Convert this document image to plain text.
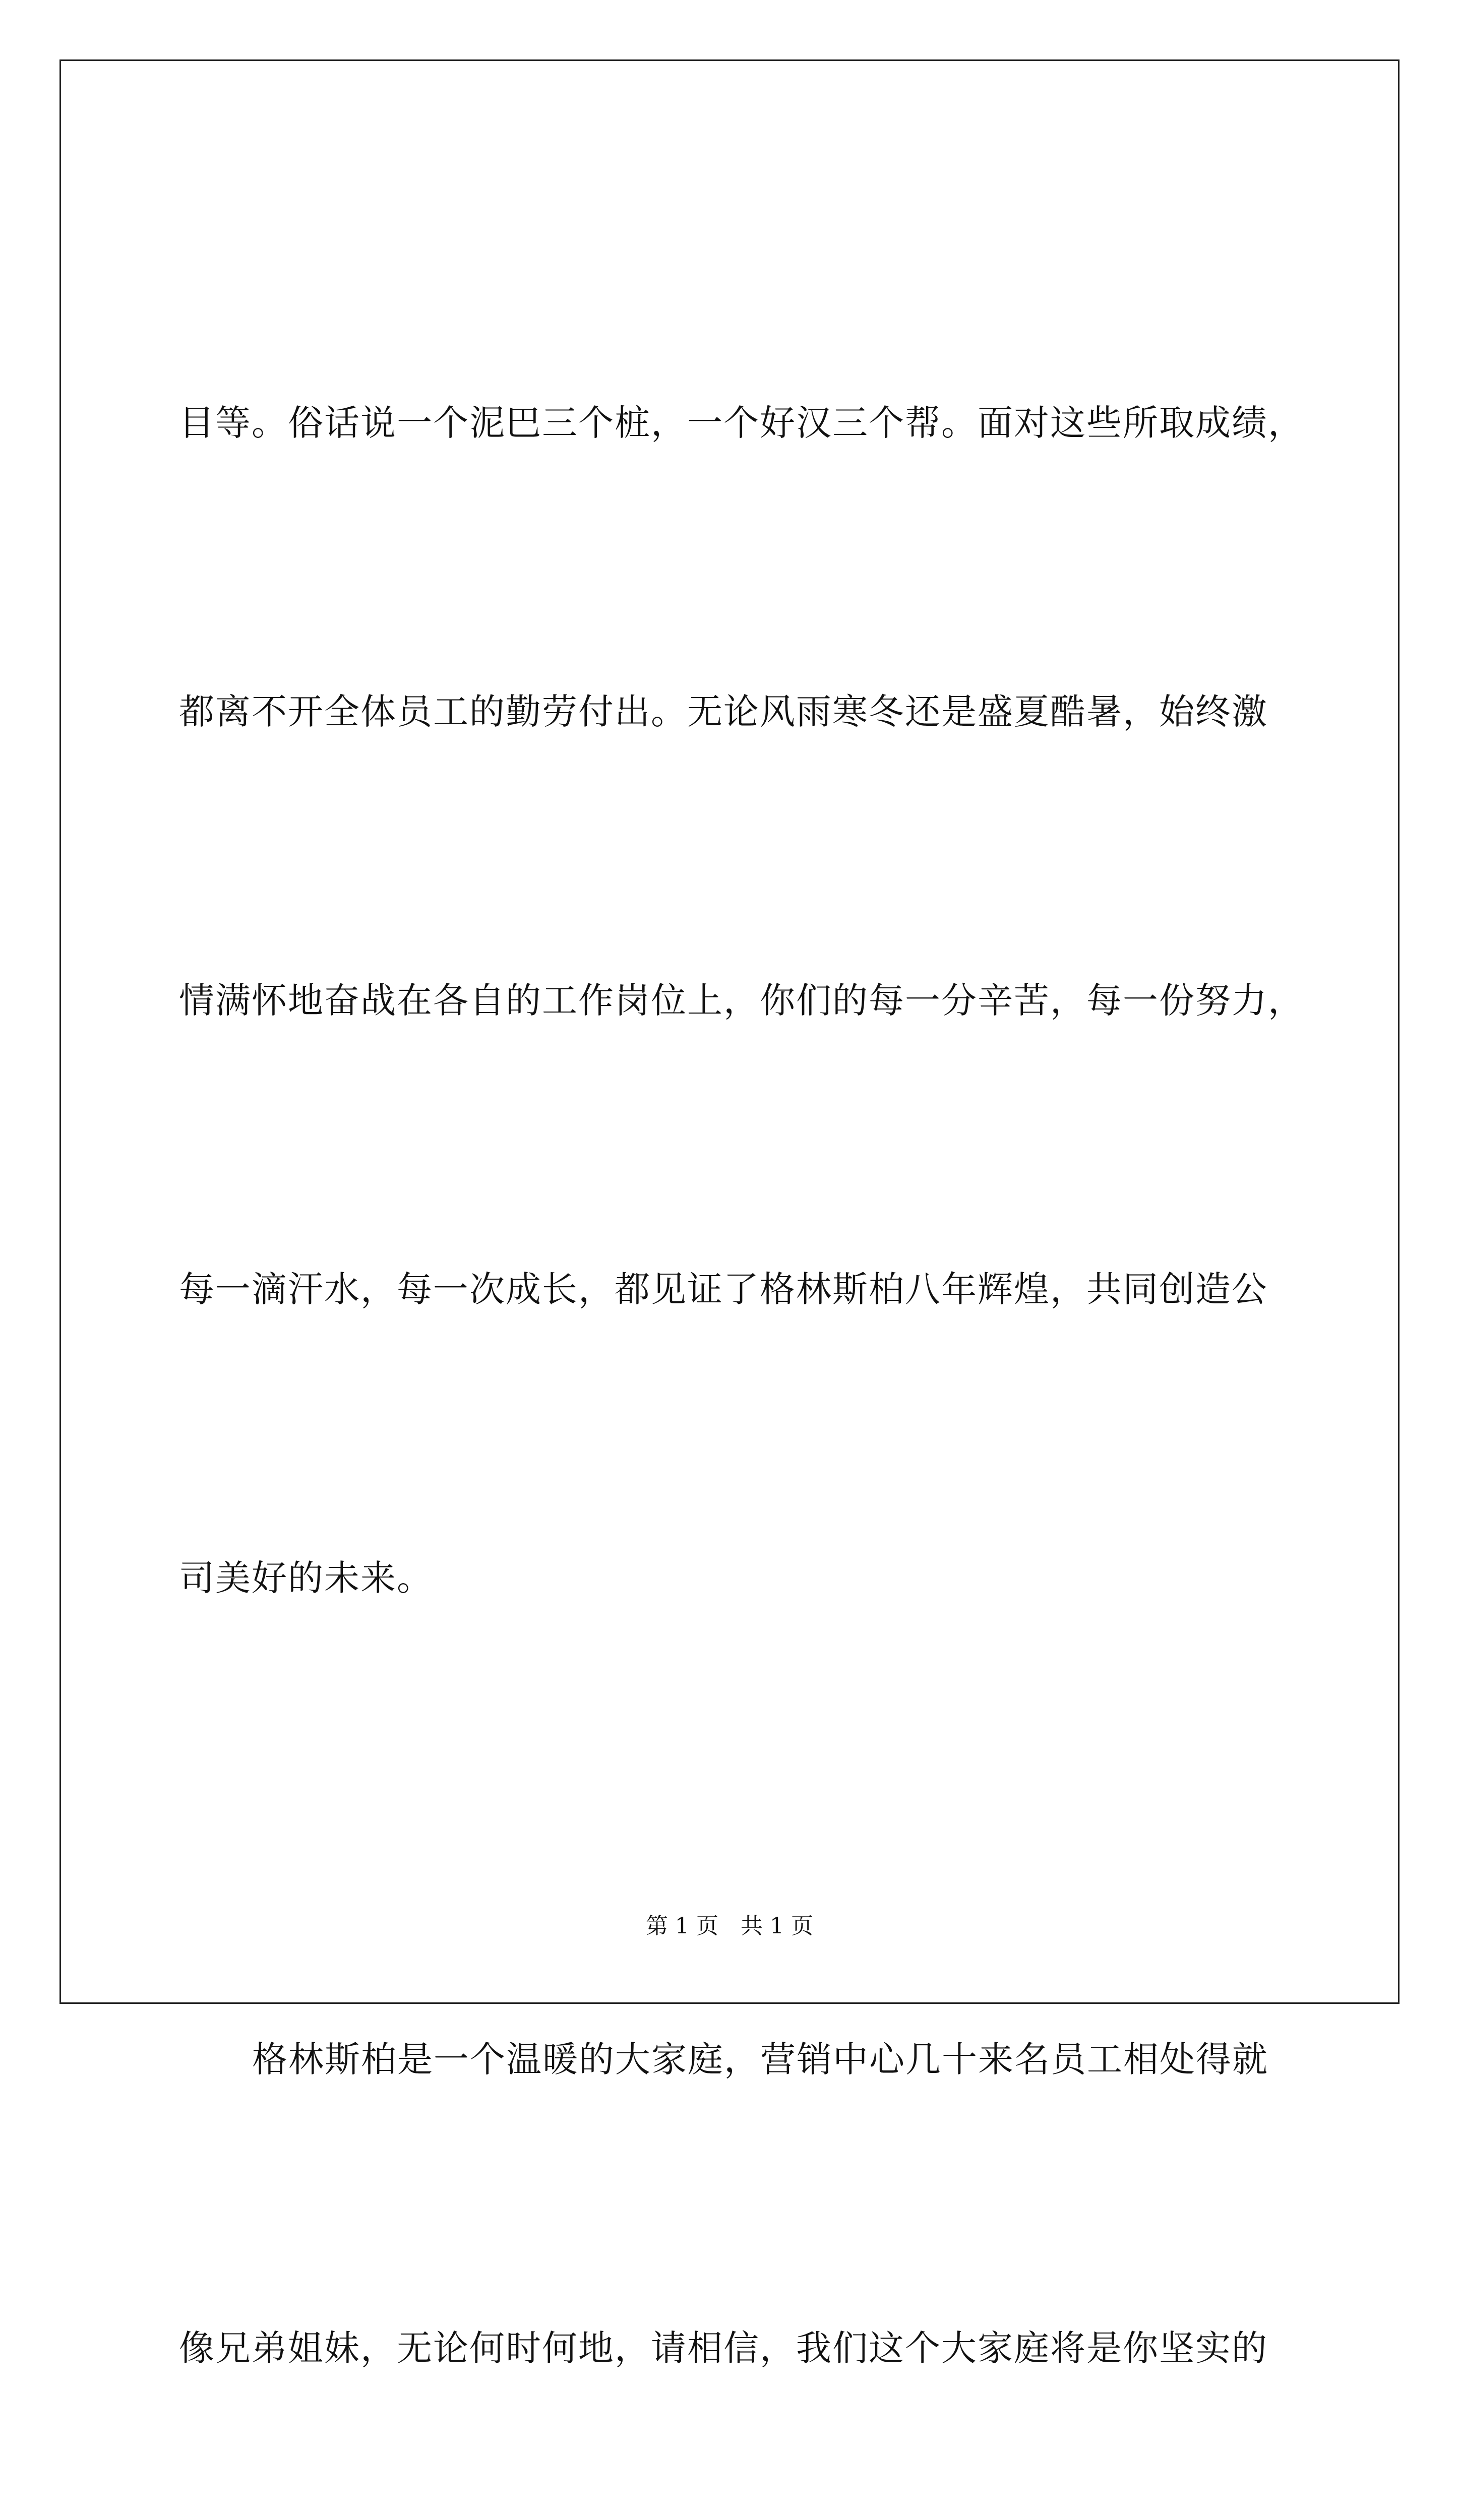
目等。俗话说一个泥巴三个桩，一个好汉三个帮。面对这些所取成绩，

都离不开全体员工的勤劳付出。无论风雨寒冬还是盛夏酷暑，始终激

情满怀地奋战在各自的工作岗位上，你们的每一分辛苦，每一份努力，

每一滴汗水，每一次成长，都见证了格林斯柏八年辉煌，共同创造公

司美好的未来。

格林斯柏是一个温暖的大家庭，营销中心几十来名员工相处得就

像兄弟姐妹，无论何时何地，请相信，我们这个大家庭将是你坚实的

第 1 页　共 1 页
